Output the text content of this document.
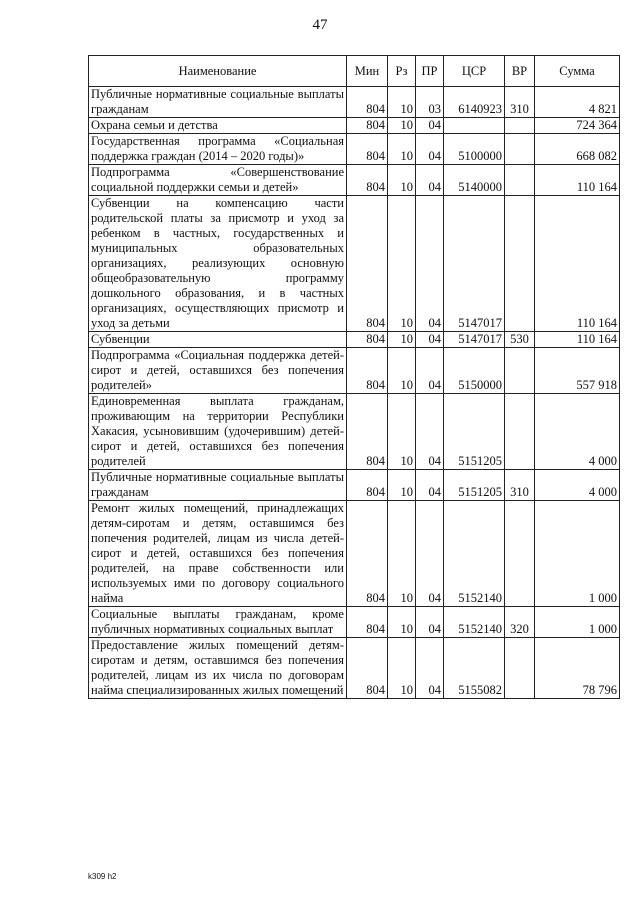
47
Наименование	Мин	Рз	ПР	ЦСР	ВР	Сумма
Публичные нормативные социальные выплаты гражданам	804	10	03	6140923	310	4 821
Охрана семьи и детства	804	10	04			724 364
Государственная программа «Социальная поддержка граждан (2014 – 2020 годы)»	804	10	04	5100000		668 082
Подпрограмма «Совершенствование социальной поддержки семьи и детей»	804	10	04	5140000		110 164
Субвенции на компенсацию части родительской платы за присмотр и уход за ребенком в частных, государственных и муниципальных образовательных организациях, реализующих основную общеобразовательную программу дошкольного образования, и в частных организациях, осуществляющих присмотр и уход за детьми	804	10	04	5147017		110 164
Субвенции	804	10	04	5147017	530	110 164
Подпрограмма «Социальная поддержка детей-сирот и детей, оставшихся без попечения родителей»	804	10	04	5150000		557 918
Единовременная выплата гражданам, проживающим на территории Республики Хакасия, усыновившим (удочерившим) детей-сирот и детей, оставшихся без попечения родителей	804	10	04	5151205		4 000
Публичные нормативные социальные выплаты гражданам	804	10	04	5151205	310	4 000
Ремонт жилых помещений, принадлежащих детям-сиротам и детям, оставшимся без попечения родителей, лицам из числа детей-сирот и детей, оставшихся без попечения родителей, на праве собственности или используемых ими по договору социального найма	804	10	04	5152140		1 000
Социальные выплаты гражданам, кроме публичных нормативных социальных выплат	804	10	04	5152140	320	1 000
Предоставление жилых помещений детям-сиротам и детям, оставшимся без попечения родителей, лицам из их числа по договорам найма специализированных жилых помещений	804	10	04	5155082		78 796
k309 h2
